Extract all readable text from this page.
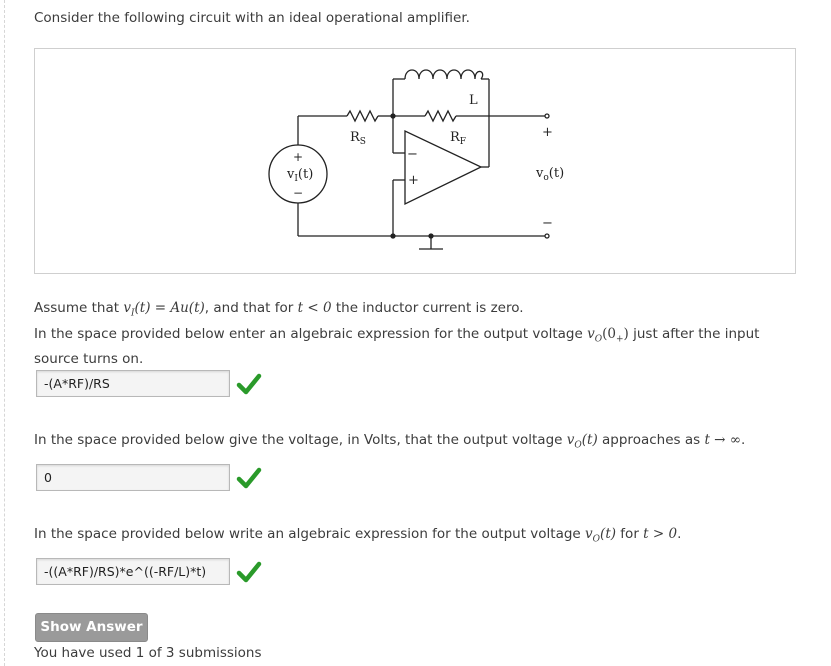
Consider the following circuit with an ideal operational amplifier.
+
−
$v_I(t)$
$R_S$	$R_F$
L
−
+
+
−
$v_o(t)$
Assume that $v_I(t) = Au(t)$, and that for t < 0 the inductor current is zero.
In the space provided below enter an algebraic expression for the output voltage $v_O(0_+)$ just after the input
source turns on.
-(A*RF)/RS
In the space provided below give the voltage, in Volts, that the output voltage $v_O(t)$ approaches as t → ∞.
0
In the space provided below write an algebraic expression for the output voltage $v_O(t)$ for t > 0.
-((A*RF)/RS)*e^((-RF/L)*t)
Show Answer
You have used 1 of 3 submissions
